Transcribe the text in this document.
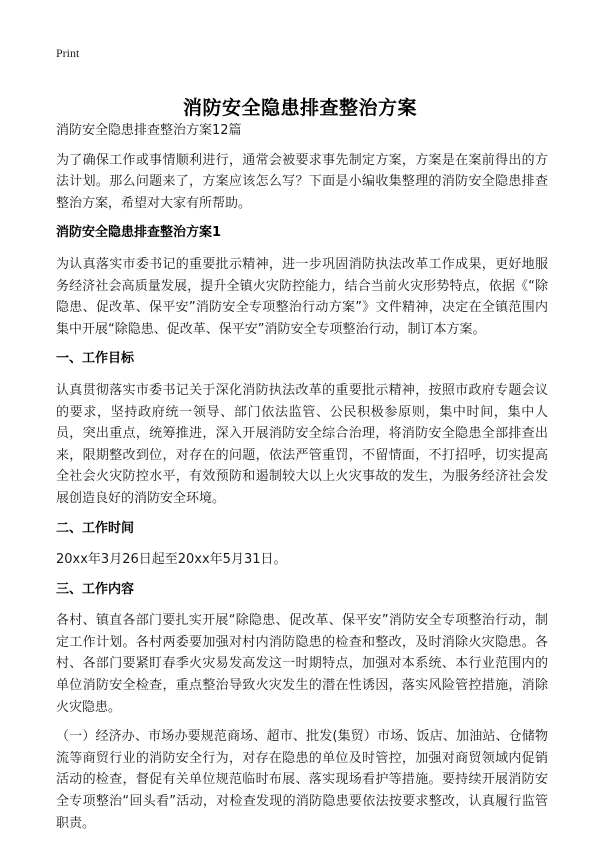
Print
消防安全隐患排查整治方案

消防安全隐患排查整治方案12篇

为了确保工作或事情顺利进行，通常会被要求事先制定方案，方案是在案前得出的方法计划。那么问题来了，方案应该怎么写？下面是小编收集整理的消防安全隐患排查整治方案，希望对大家有所帮助。

消防安全隐患排查整治方案1

为认真落实市委书记的重要批示精神，进一步巩固消防执法改革工作成果，更好地服务经济社会高质量发展，提升全镇火灾防控能力，结合当前火灾形势特点，依据《“除隐患、促改革、保平安”消防安全专项整治行动方案”》文件精神，决定在全镇范围内集中开展“除隐患、促改革、保平安”消防安全专项整治行动，制订本方案。

一、工作目标

认真贯彻落实市委书记关于深化消防执法改革的重要批示精神，按照市政府专题会议的要求，坚持政府统一领导、部门依法监管、公民积极参原则，集中时间，集中人员，突出重点，统筹推进，深入开展消防安全综合治理，将消防安全隐患全部排查出来，限期整改到位，对存在的问题，依法严管重罚，不留情面，不打招呼，切实提高全社会火灾防控水平，有效预防和遏制较大以上火灾事故的发生，为服务经济社会发展创造良好的消防安全环境。

二、工作时间

20xx年3月26日起至20xx年5月31日。

三、工作内容

各村、镇直各部门要扎实开展“除隐患、促改革、保平安”消防安全专项整治行动，制定工作计划。各村两委要加强对村内消防隐患的检查和整改，及时消除火灾隐患。各村、各部门要紧盯春季火灾易发高发这一时期特点，加强对本系统、本行业范围内的单位消防安全检查，重点整治导致火灾发生的潜在性诱因，落实风险管控措施，消除火灾隐患。

（一）经济办、市场办要规范商场、超市、批发(集贸）市场、饭店、加油站、仓储物流等商贸行业的消防安全行为，对存在隐患的单位及时管控，加强对商贸领域内促销活动的检查，督促有关单位规范临时布展、落实现场看护等措施。要持续开展消防安全专项整治“回头看”活动，对检查发现的消防隐患要依法按要求整改，认真履行监管职责。
